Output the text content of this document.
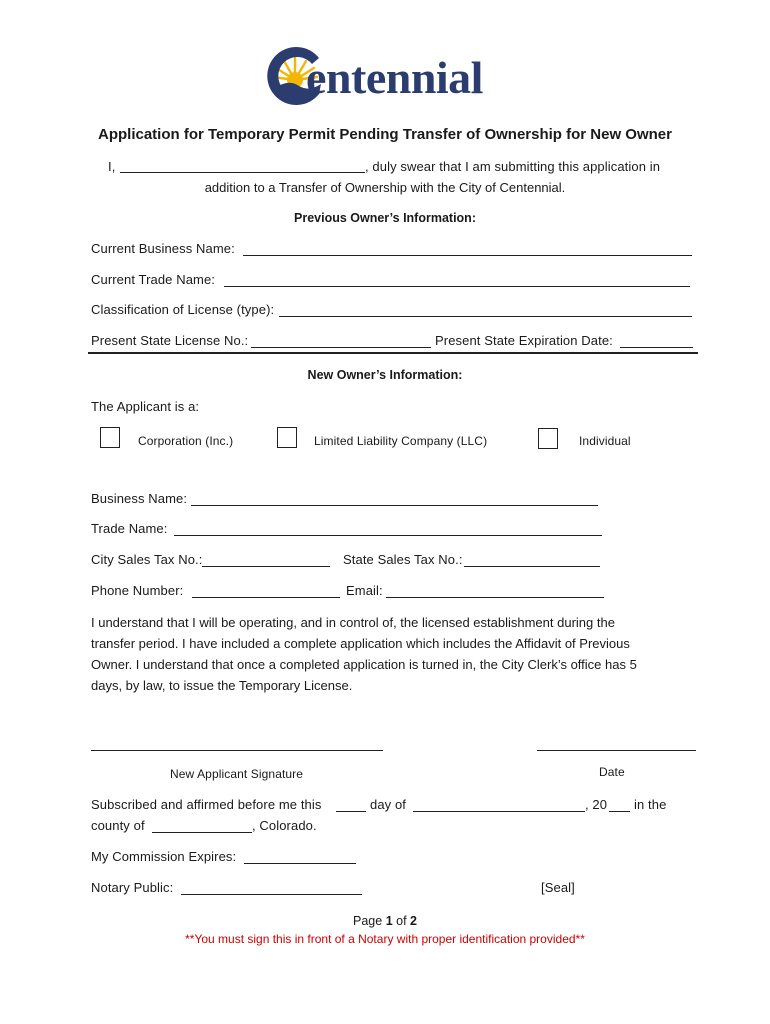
entennial
Application for Temporary Permit Pending Transfer of Ownership for New Owner
I,	, duly swear that I am submitting this application in
addition to a Transfer of Ownership with the City of Centennial.
Previous Owner’s Information:
Current Business Name:
Current Trade Name:
Classification of License (type):
Present State License No.:	Present State Expiration Date:
New Owner’s Information:
The Applicant is a:
Corporation (Inc.)	Limited Liability Company (LLC)	Individual
Business Name:
Trade Name:
City Sales Tax No.:	State Sales Tax No.:
Phone Number:	Email:
I understand that I will be operating, and in control of, the licensed establishment during the
transfer period. I have included a complete application which includes the Affidavit of Previous
Owner. I understand that once a completed application is turned in, the City Clerk’s office has 5
days, by law, to issue the Temporary License.
New Applicant Signature	Date
Subscribed and affirmed before me this	day of	, 20 in the
county of	, Colorado.
My Commission Expires:
Notary Public:	[Seal]
Page 1 of 2
**You must sign this in front of a Notary with proper identification provided**
